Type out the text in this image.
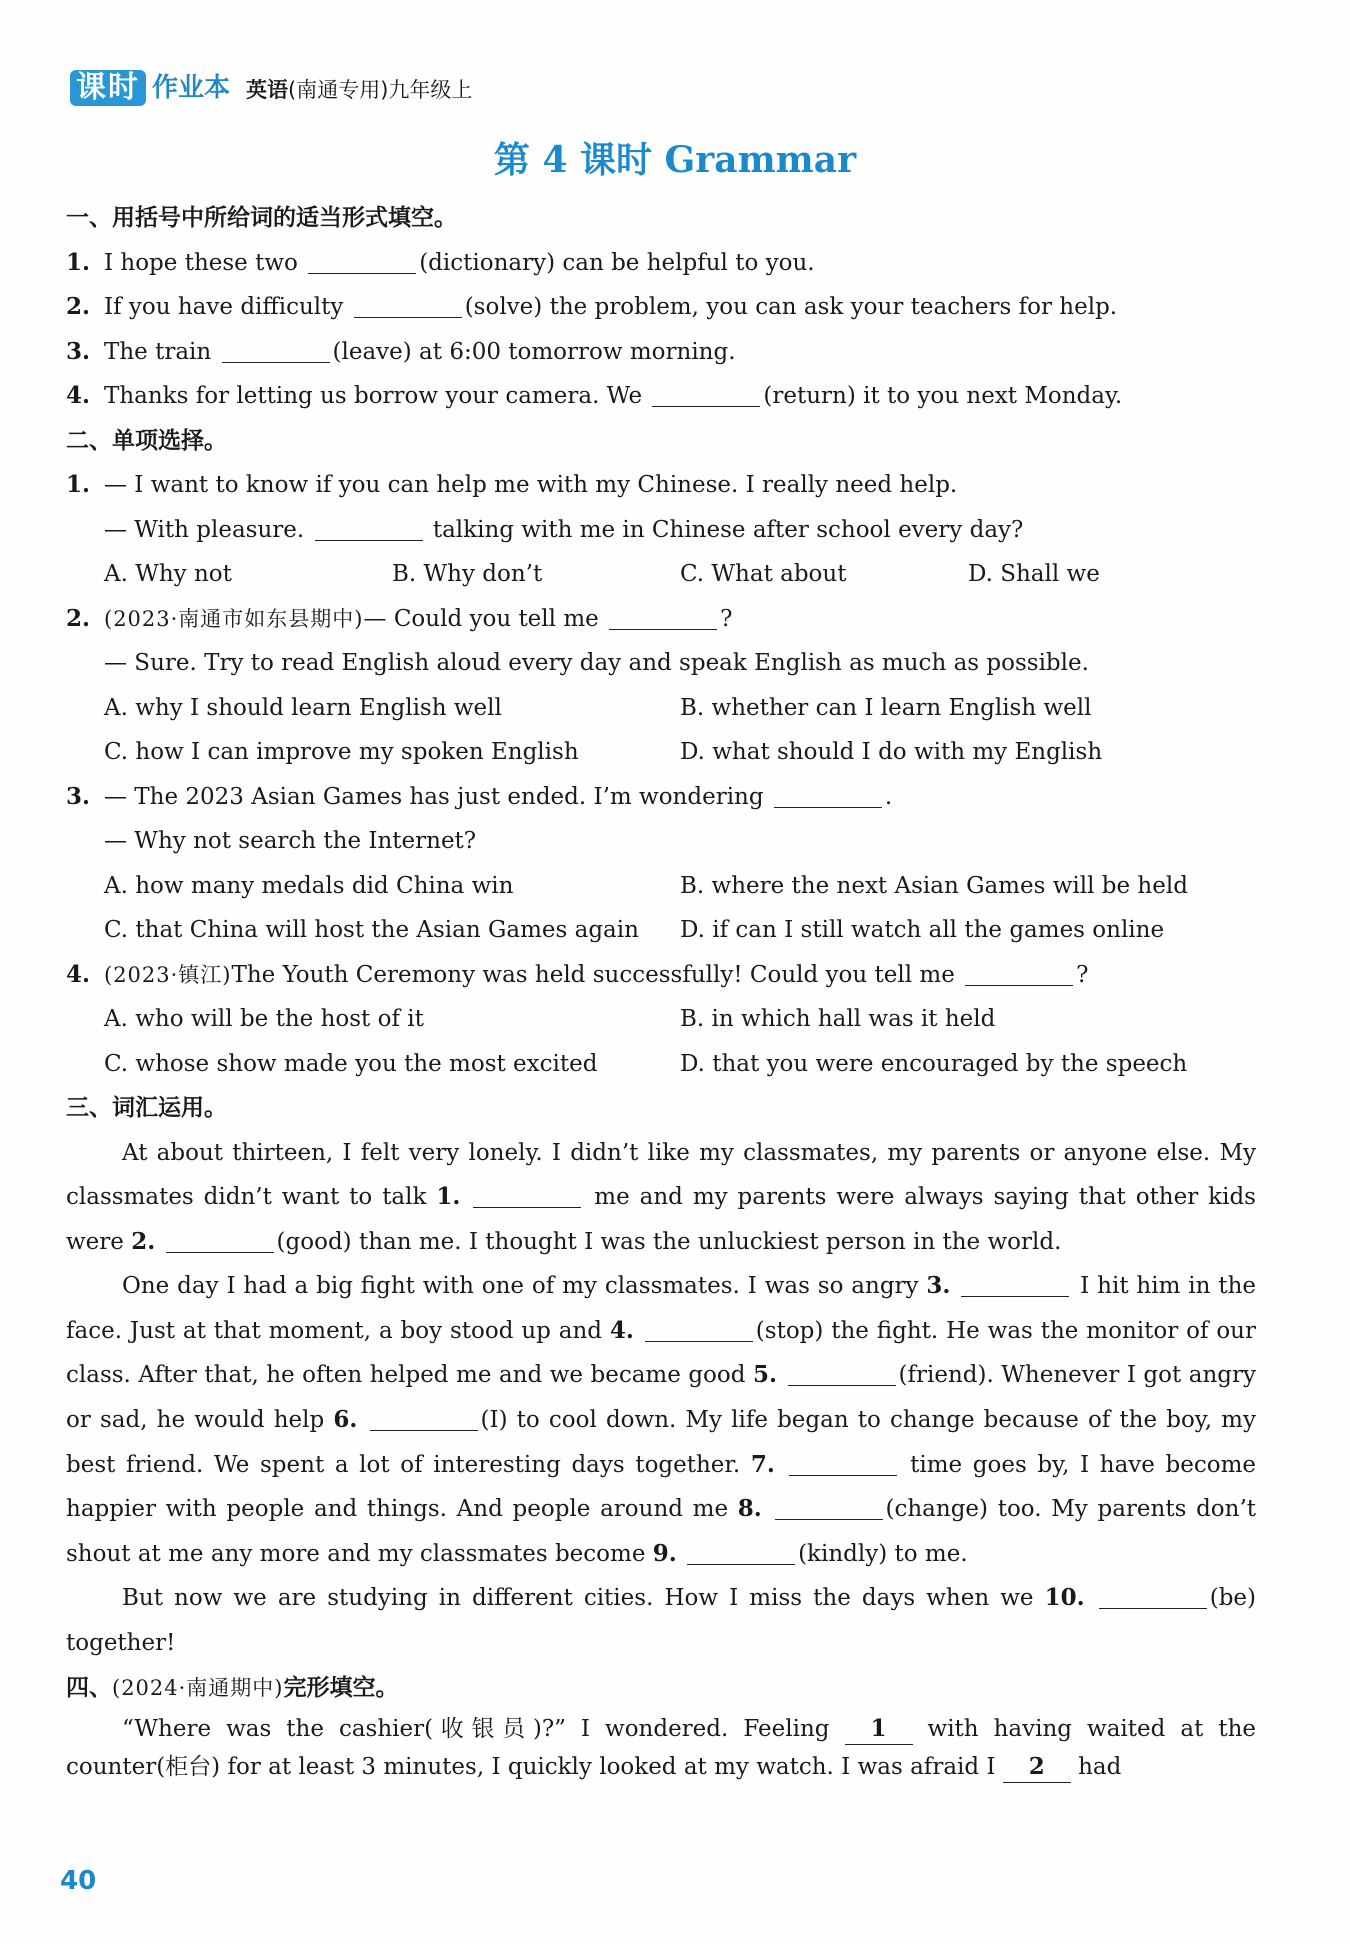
课时 作业本 英语(南通专用)九年级上
第 4 课时 Grammar
一、用括号中所给词的适当形式填空。
1. I hope these two	(dictionary) can be helpful to you.
2. If you have difficulty	(solve) the problem, you can ask your teachers for help.
3. The train	(leave) at 6:00 tomorrow morning.
4. Thanks for letting us borrow your camera. We	(return) it to you next Monday.
二、单项选择。
1. — I want to know if you can help me with my Chinese. I really need help.
— With pleasure.	talking with me in Chinese after school every day?
A. Why not	B. Why don’t	C. What about	D. Shall we
2. (2023·南通市如东县期中)— Could you tell me	?
— Sure. Try to read English aloud every day and speak English as much as possible.
A. why I should learn English well	B. whether can I learn English well
C. how I can improve my spoken English	D. what should I do with my English
3. — The 2023 Asian Games has just ended. I’m wondering	.
— Why not search the Internet?
A. how many medals did China win	B. where the next Asian Games will be held
C. that China will host the Asian Games again	D. if can I still watch all the games online
4. (2023·镇江)The Youth Ceremony was held successfully! Could you tell me	?
A. who will be the host of it	B. in which hall was it held
C. whose show made you the most excited	D. that you were encouraged by the speech
三、词汇运用。

At about thirteen, I felt very lonely. I didn’t like my classmates, my parents or anyone else. My classmates didn’t want to talk 1.	me and my parents were always saying that other kids were 2.	(good) than me. I thought I was the unluckiest person in the world.

One day I had a big fight with one of my classmates. I was so angry 3.	I hit him in the face. Just at that moment, a boy stood up and 4.	(stop) the fight. He was the monitor of our class. After that, he often helped me and we became good 5.	(friend). Whenever I got angry or sad, he would help 6.	(I) to cool down. My life began to change because of the boy, my best friend. We spent a lot of interesting days together. 7.	time goes by, I have become happier with people and things. And people around me 8.	(change) too. My parents don’t shout at me any more and my classmates become 9.	(kindly) to me.

But now we are studying in different cities. How I miss the days when we 10.	(be) together!

四、(2024·南通期中)完形填空。

“Where was the cashier(收银员)?” I wondered. Feeling 1 with having waited at the counter(柜台) for at least 3 minutes, I quickly looked at my watch. I was afraid I 2 had

40
